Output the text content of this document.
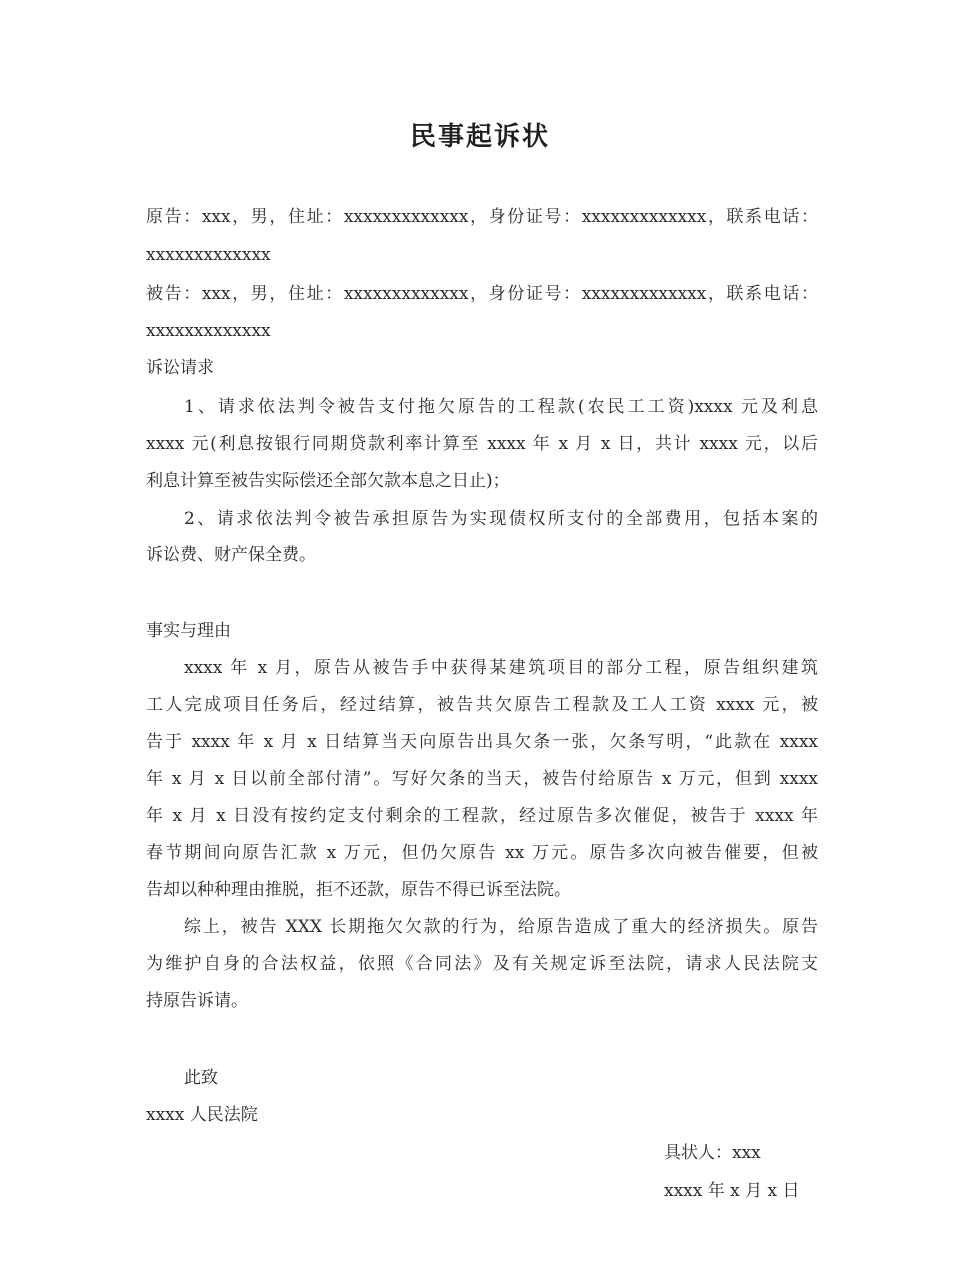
民事起诉状
原告：xxx，男，住址：xxxxxxxxxxxxx，身份证号：xxxxxxxxxxxxx，联系电话：
xxxxxxxxxxxxx
被告：xxx，男，住址：xxxxxxxxxxxxx，身份证号：xxxxxxxxxxxxx，联系电话：
xxxxxxxxxxxxx
诉讼请求
1、请求依法判令被告支付拖欠原告的工程款(农民工工资)xxxx 元及利息
xxxx 元(利息按银行同期贷款利率计算至 xxxx 年 x 月 x 日，共计 xxxx 元，以后
利息计算至被告实际偿还全部欠款本息之日止)；
2、请求依法判令被告承担原告为实现债权所支付的全部费用，包括本案的
诉讼费、财产保全费。
事实与理由
xxxx 年 x 月，原告从被告手中获得某建筑项目的部分工程，原告组织建筑
工人完成项目任务后，经过结算，被告共欠原告工程款及工人工资 xxxx 元，被
告于 xxxx 年 x 月 x 日结算当天向原告出具欠条一张，欠条写明，“此款在 xxxx
年 x 月 x 日以前全部付清”。写好欠条的当天，被告付给原告 x 万元，但到 xxxx
年 x 月 x 日没有按约定支付剩余的工程款，经过原告多次催促，被告于 xxxx 年
春节期间向原告汇款 x 万元，但仍欠原告 xx 万元。原告多次向被告催要，但被
告却以种种理由推脱，拒不还款，原告不得已诉至法院。
综上，被告 XXX 长期拖欠欠款的行为，给原告造成了重大的经济损失。原告
为维护自身的合法权益，依照《合同法》及有关规定诉至法院，请求人民法院支
持原告诉请。
此致
xxxx 人民法院
具状人：xxx
xxxx 年 x 月 x 日
